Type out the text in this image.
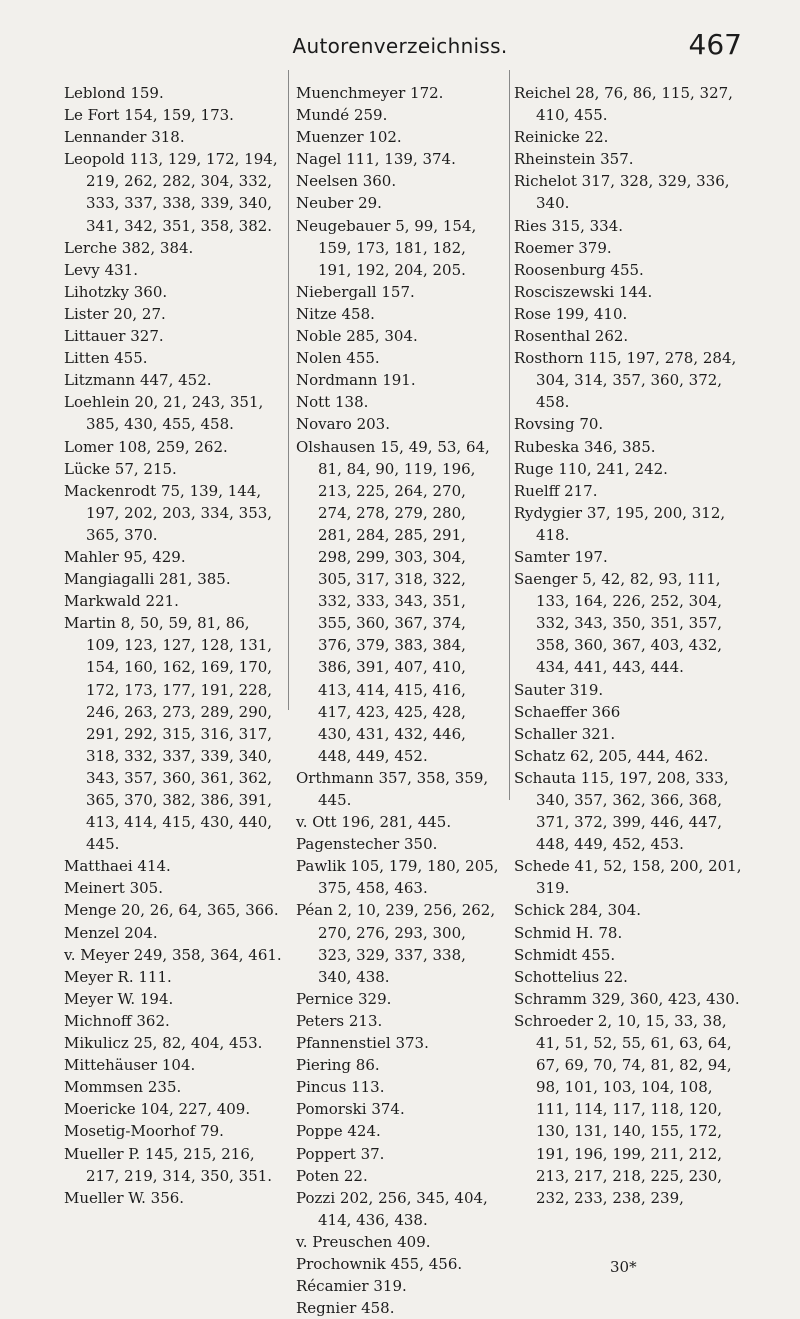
Autorenverzeichniss.	467

Leblond 159.

Le Fort 154, 159, 173.

Lennander 318.

Leopold 113, 129, 172, 194, 219, 262, 282, 304, 332, 333, 337, 338, 339, 340, 341, 342, 351, 358, 382.

Lerche 382, 384.

Levy 431.

Lihotzky 360.

Lister 20, 27.

Littauer 327.

Litten 455.

Litzmann 447, 452.

Loehlein 20, 21, 243, 351, 385, 430, 455, 458.

Lomer 108, 259, 262.

Lücke 57, 215.

Mackenrodt 75, 139, 144, 197, 202, 203, 334, 353, 365, 370.

Mahler 95, 429.

Mangiagalli 281, 385.

Markwald 221.

Martin 8, 50, 59, 81, 86, 109, 123, 127, 128, 131, 154, 160, 162, 169, 170, 172, 173, 177, 191, 228, 246, 263, 273, 289, 290, 291, 292, 315, 316, 317, 318, 332, 337, 339, 340, 343, 357, 360, 361, 362, 365, 370, 382, 386, 391, 413, 414, 415, 430, 440, 445.

Matthaei 414.

Meinert 305.

Menge 20, 26, 64, 365, 366.

Menzel 204.

v. Meyer 249, 358, 364, 461.

Meyer R. 111.

Meyer W. 194.

Michnoff 362.

Mikulicz 25, 82, 404, 453.

Mittehäuser 104.

Mommsen 235.

Moericke 104, 227, 409.

Mosetig-Moorhof 79.

Mueller P. 145, 215, 216, 217, 219, 314, 350, 351.

Mueller W. 356.

Muenchmeyer 172.

Mundé 259.

Muenzer 102.

Nagel 111, 139, 374.

Neelsen 360.

Neuber 29.

Neugebauer 5, 99, 154, 159, 173, 181, 182, 191, 192, 204, 205.

Niebergall 157.

Nitze 458.

Noble 285, 304.

Nolen 455.

Nordmann 191.

Nott 138.

Novaro 203.

Olshausen 15, 49, 53, 64, 81, 84, 90, 119, 196, 213, 225, 264, 270, 274, 278, 279, 280, 281, 284, 285, 291, 298, 299, 303, 304, 305, 317, 318, 322, 332, 333, 343, 351, 355, 360, 367, 374, 376, 379, 383, 384, 386, 391, 407, 410, 413, 414, 415, 416, 417, 423, 425, 428, 430, 431, 432, 446, 448, 449, 452.

Orthmann 357, 358, 359, 445.

v. Ott 196, 281, 445.

Pagenstecher 350.

Pawlik 105, 179, 180, 205, 375, 458, 463.

Péan 2, 10, 239, 256, 262, 270, 276, 293, 300, 323, 329, 337, 338, 340, 438.

Pernice 329.

Peters 213.

Pfannenstiel 373.

Piering 86.

Pincus 113.

Pomorski 374.

Poppe 424.

Poppert 37.

Poten 22.

Pozzi 202, 256, 345, 404, 414, 436, 438.

v. Preuschen 409.

Prochownik 455, 456.

Récamier 319.

Regnier 458.

Reichel 28, 76, 86, 115, 327, 410, 455.

Reinicke 22.

Rheinstein 357.

Richelot 317, 328, 329, 336, 340.

Ries 315, 334.

Roemer 379.

Roosenburg 455.

Rosciszewski 144.

Rose 199, 410.

Rosenthal 262.

Rosthorn 115, 197, 278, 284, 304, 314, 357, 360, 372, 458.

Rovsing 70.

Rubeska 346, 385.

Ruge 110, 241, 242.

Ruelff 217.

Rydygier 37, 195, 200, 312, 418.

Samter 197.

Saenger 5, 42, 82, 93, 111, 133, 164, 226, 252, 304, 332, 343, 350, 351, 357, 358, 360, 367, 403, 432, 434, 441, 443, 444.

Sauter 319.

Schaeffer 366

Schaller 321.

Schatz 62, 205, 444, 462.

Schauta 115, 197, 208, 333, 340, 357, 362, 366, 368, 371, 372, 399, 446, 447, 448, 449, 452, 453.

Schede 41, 52, 158, 200, 201, 319.

Schick 284, 304.

Schmid H. 78.

Schmidt 455.

Schottelius 22.

Schramm 329, 360, 423, 430.

Schroeder 2, 10, 15, 33, 38, 41, 51, 52, 55, 61, 63, 64, 67, 69, 70, 74, 81, 82, 94, 98, 101, 103, 104, 108, 111, 114, 117, 118, 120, 130, 131, 140, 155, 172, 191, 196, 199, 211, 212, 213, 217, 218, 225, 230, 232, 233, 238, 239,

30*
